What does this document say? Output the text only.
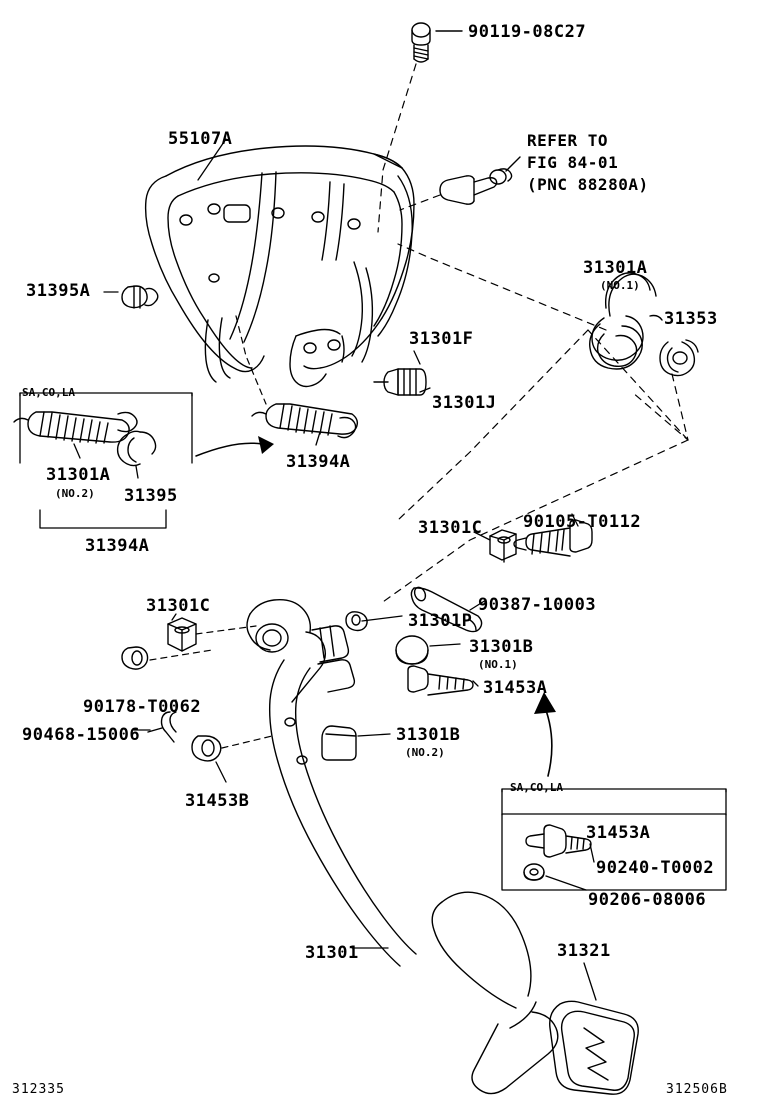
90119-08C27
55107A
31395A
SA,CO,LA
31301A
(NO.2) 31395
31394A
31394A
31301F
31301J
31301A
(NO.1)
31353
90105-T0112
31301C
90387-10003
31301C
31301P
31301B
(NO.1)
31453A
90178-T0062
90468-15006
31453B
31301B
(NO.2)
SA,CO,LA
31453A
90240-T0002
90206-08006
31301	31321
REFER TO
FIG 84-01
(PNC 88280A)
312335	312506B
